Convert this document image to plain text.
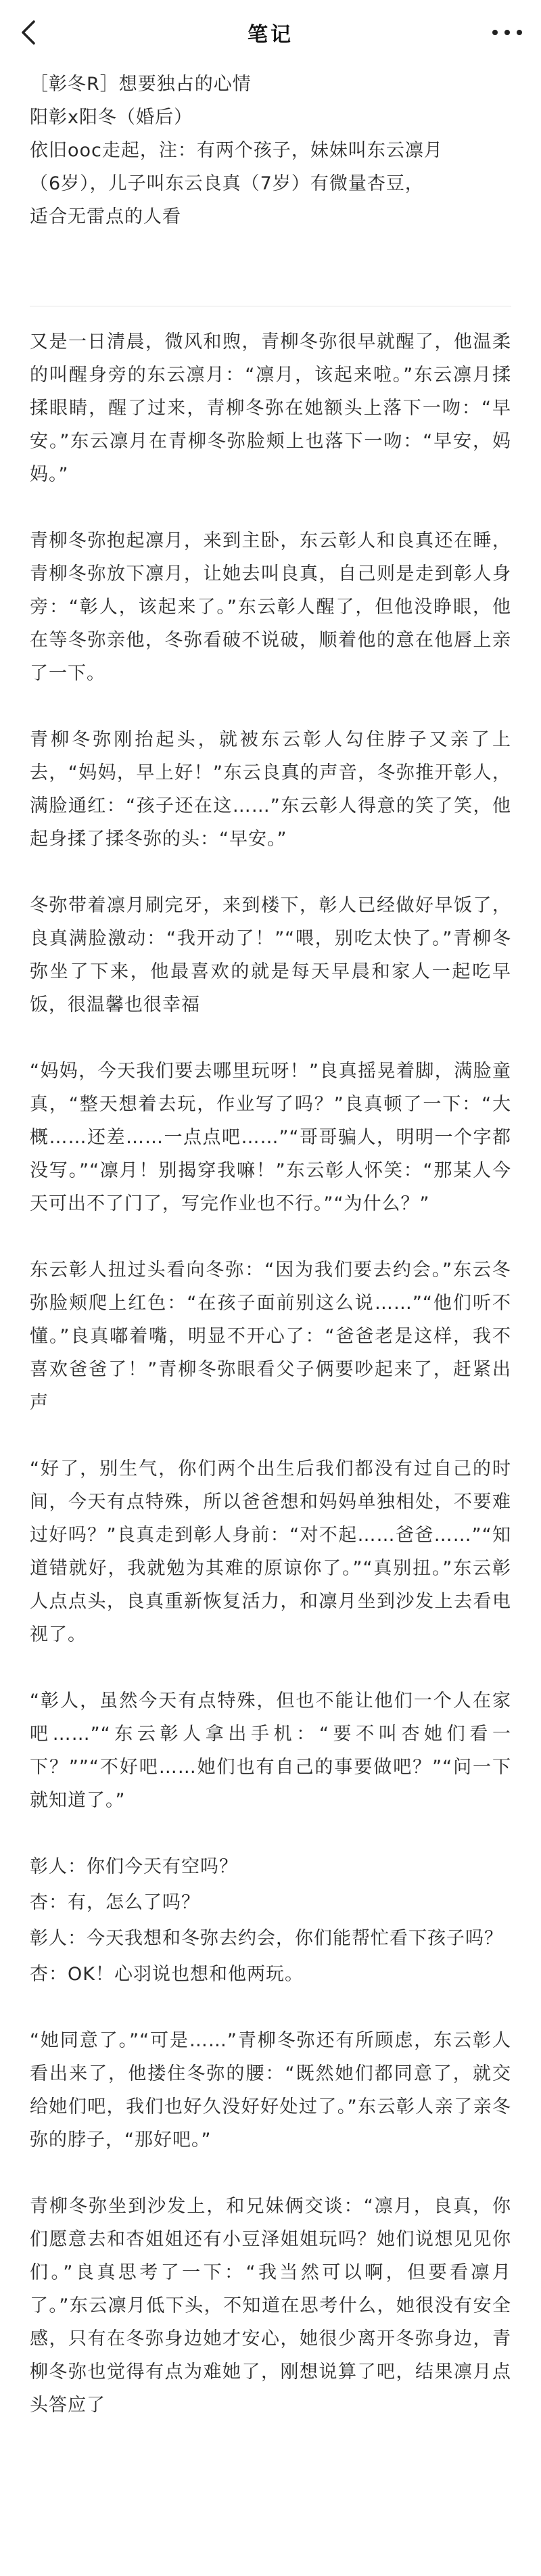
笔记
［彰冬R］想要独占的心情
阳彰x阳冬（婚后）
依旧ooc走起，注：有两个孩子，妹妹叫东云凛月
（6岁），儿子叫东云良真（7岁）有微量杏豆，
适合无雷点的人看

又是一日清晨，微风和煦，青柳冬弥很早就醒了，他温柔的叫醒身旁的东云凛月：“凛月，该起来啦。”东云凛月揉揉眼睛，醒了过来，青柳冬弥在她额头上落下一吻：“早安。”东云凛月在青柳冬弥脸颊上也落下一吻：“早安，妈妈。”

青柳冬弥抱起凛月，来到主卧，东云彰人和良真还在睡，青柳冬弥放下凛月，让她去叫良真，自己则是走到彰人身旁：“彰人，该起来了。”东云彰人醒了，但他没睁眼，他在等冬弥亲他，冬弥看破不说破，顺着他的意在他唇上亲了一下。

青柳冬弥刚抬起头，就被东云彰人勾住脖子又亲了上去，“妈妈，早上好！”东云良真的声音，冬弥推开彰人，满脸通红：“孩子还在这……”东云彰人得意的笑了笑，他起身揉了揉冬弥的头：“早安。”

冬弥带着凛月刷完牙，来到楼下，彰人已经做好早饭了，良真满脸激动：“我开动了！”“喂，别吃太快了。”青柳冬弥坐了下来，他最喜欢的就是每天早晨和家人一起吃早饭，很温馨也很幸福

“妈妈，今天我们要去哪里玩呀！”良真摇晃着脚，满脸童真，“整天想着去玩，作业写了吗？”良真顿了一下：“大概……还差……一点点吧……”“哥哥骗人，明明一个字都没写。”“凛月！别揭穿我嘛！”东云彰人怀笑：“那某人今天可出不了门了，写完作业也不行。”“为什么？”

东云彰人扭过头看向冬弥：“因为我们要去约会。”东云冬弥脸颊爬上红色：“在孩子面前别这么说……”“他们听不懂。”良真嘟着嘴，明显不开心了：“爸爸老是这样，我不喜欢爸爸了！”青柳冬弥眼看父子俩要吵起来了，赶紧出声

“好了，别生气，你们两个出生后我们都没有过自己的时间，今天有点特殊，所以爸爸想和妈妈单独相处，不要难过好吗？”良真走到彰人身前：“对不起……爸爸……”“知道错就好，我就勉为其难的原谅你了。”“真别扭。”东云彰人点点头，良真重新恢复活力，和凛月坐到沙发上去看电视了。

“彰人，虽然今天有点特殊，但也不能让他们一个人在家吧……”“东云彰人拿出手机：“要不叫杏她们看一下？””“不好吧……她们也有自己的事要做吧？”“问一下就知道了。”

彰人：你们今天有空吗？

杏：有，怎么了吗？

彰人：今天我想和冬弥去约会，你们能帮忙看下孩子吗？

杏：OK！心羽说也想和他两玩。

“她同意了。”“可是……”青柳冬弥还有所顾虑，东云彰人看出来了，他搂住冬弥的腰：“既然她们都同意了，就交给她们吧，我们也好久没好好处过了。”东云彰人亲了亲冬弥的脖子，“那好吧。”

青柳冬弥坐到沙发上，和兄妹俩交谈：“凛月，良真，你们愿意去和杏姐姐还有小豆泽姐姐玩吗？她们说想见见你们。”良真思考了一下：“我当然可以啊，但要看凛月了。”东云凛月低下头，不知道在思考什么，她很没有安全感，只有在冬弥身边她才安心，她很少离开冬弥身边，青柳冬弥也觉得有点为难她了，刚想说算了吧，结果凛月点头答应了
